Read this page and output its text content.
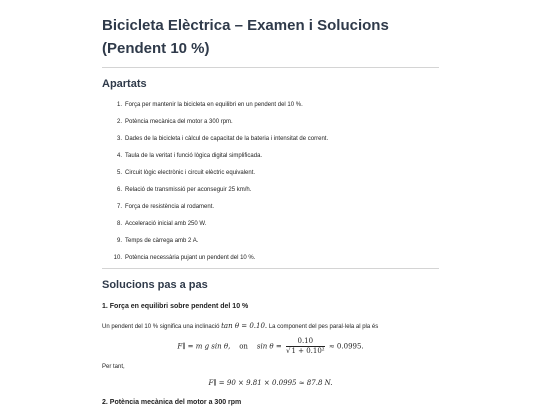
Bicicleta Elèctrica – Examen i Solucions (Pendent 10 %)
Apartats
1. Força per mantenir la bicicleta en equilibri en un pendent del 10 %.
2. Potència mecànica del motor a 300 rpm.
3. Dades de la bicicleta i càlcul de capacitat de la bateria i intensitat de corrent.
4. Taula de la veritat i funció lògica digital simplificada.
5. Circuit lògic electrònic i circuit elèctric equivalent.
6. Relació de transmissió per aconseguir 25 km/h.
7. Força de resistència al rodament.
8. Acceleració inicial amb 250 W.
9. Temps de càrrega amb 2 A.
10. Potència necessària pujant un pendent del 10 %.
Solucions pas a pas
1. Força en equilibri sobre pendent del 10 %

Un pendent del 10 % significa una inclinació tan θ = 0.10. La component del pes paral·lela al pla és

F∥ = m g sin θ, on $\sin \theta = \frac{0.10}{\text{√1 + 0.10²}} \approx 0.0995$.

Per tant,

F∥ = 90 × 9.81 × 0.0995 ≈ 87.8 N.
2. Potència mecànica del motor a 300 rpm
